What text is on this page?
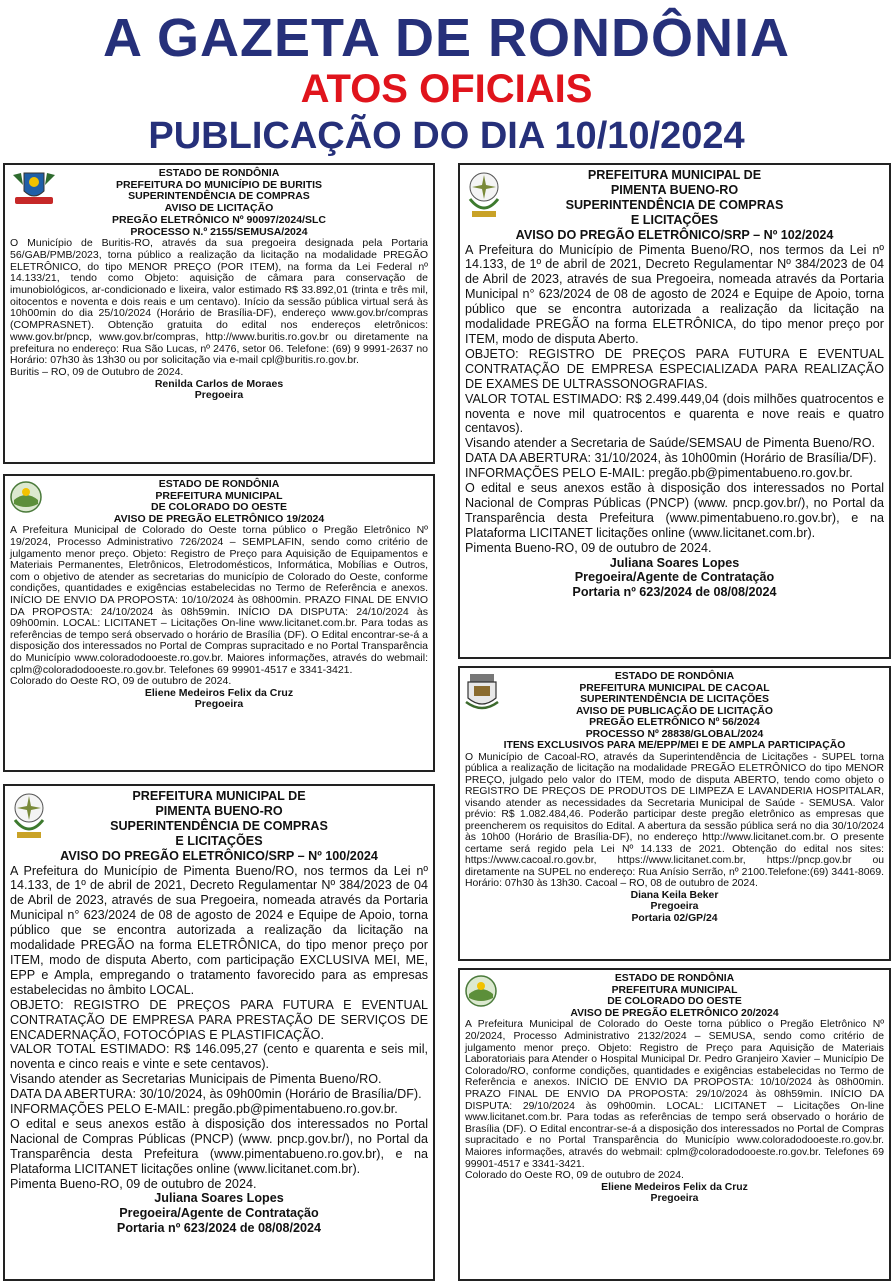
A GAZETA DE RONDÔNIA
ATOS OFICIAIS
PUBLICAÇÃO DO DIA 10/10/2024
ESTADO DE RONDÔNIA
PREFEITURA DO MUNICÍPIO DE BURITIS
SUPERINTENDÊNCIA DE COMPRAS
AVISO DE LICITAÇÃO
PREGÃO ELETRÔNICO Nº 90097/2024/SLC
PROCESSO N.º 2155/SEMUSA/2024

O Município de Buritis-RO, através da sua pregoeira designada pela Portaria 56/GAB/PMB/2023, torna público a realização da licitação na modalidade PREGÃO ELETRÔNICO, do tipo MENOR PREÇO (POR ITEM), na forma da Lei Federal nº 14.133/21, tendo como Objeto: aquisição de câmara para conservação de imunobiológicos, ar-condicionado e lixeira, valor estimado R$ 33.892,01 (trinta e três mil, oitocentos e noventa e dois reais e um centavo). Início da sessão pública virtual será às 10h00min do dia 25/10/2024 (Horário de Brasília-DF), endereço www.gov.br/compras (COMPRASNET). Obtenção gratuita do edital nos endereços eletrônicos: www.gov.br/pncp, www.gov.br/compras, http://www.buritis.ro.gov.br ou diretamente na prefeitura no endereço: Rua São Lucas, nº 2476, setor 06. Telefone: (69) 9 9991-2637 no Horário: 07h30 às 13h30 ou por solicitação via e-mail cpl@buritis.ro.gov.br.

Buritis – RO, 09 de Outubro de 2024.

Renilda Carlos de Moraes
Pregoeira
ESTADO DE RONDÔNIA
PREFEITURA MUNICIPAL
DE COLORADO DO OESTE
AVISO DE PREGÃO ELETRÔNICO 19/2024

A Prefeitura Municipal de Colorado do Oeste torna público o Pregão Eletrônico Nº 19/2024, Processo Administrativo 726/2024 – SEMPLAFIN, sendo como critério de julgamento menor preço. Objeto: Registro de Preço para Aquisição de Equipamentos e Materiais Permanentes, Eletrônicos, Eletrodomésticos, Informática, Mobílias e Outros, com o objetivo de atender as secretarias do município de Colorado do Oeste, conforme condições, quantidades e exigências estabelecidas no Termo de Referência e anexos. INÍCIO DE ENVIO DA PROPOSTA: 10/10/2024 às 08h00min. PRAZO FINAL DE ENVIO DA PROPOSTA: 24/10/2024 às 08h59min. INÍCIO DA DISPUTA: 24/10/2024 às 09h00min. LOCAL: LICITANET – Licitações On-line www.licitanet.com.br. Para todas as referências de tempo será observado o horário de Brasília (DF). O Edital encontrar-se-á a disposição dos interessados no Portal de Compras supracitado e no Portal Transparência do Município www.coloradodooeste.ro.gov.br. Maiores informações, através do webmail: cplm@coloradodooeste.ro.gov.br. Telefones 69 99901-4517 e 3341-3421.

Colorado do Oeste RO, 09 de outubro de 2024.

Eliene Medeiros Felix da Cruz
Pregoeira
PREFEITURA MUNICIPAL DE
PIMENTA BUENO-RO
SUPERINTENDÊNCIA DE COMPRAS
E LICITAÇÕES
AVISO DO PREGÃO ELETRÔNICO/SRP – Nº 100/2024

A Prefeitura do Município de Pimenta Bueno/RO, nos termos da Lei nº 14.133, de 1º de abril de 2021, Decreto Regulamentar Nº 384/2023 de 04 de Abril de 2023, através de sua Pregoeira, nomeada através da Portaria Municipal n° 623/2024 de 08 de agosto de 2024 e Equipe de Apoio, torna público que se encontra autorizada a realização da licitação na modalidade PREGÃO na forma ELETRÔNICA, do tipo menor preço por ITEM, modo de disputa Aberto, com participação EXCLUSIVA MEI, ME, EPP e Ampla, empregando o tratamento favorecido para as empresas estabelecidas no âmbito LOCAL.

OBJETO: REGISTRO DE PREÇOS PARA FUTURA E EVENTUAL CONTRATAÇÃO DE EMPRESA PARA PRESTAÇÃO DE SERVIÇOS DE ENCADERNAÇÃO, FOTOCÓPIAS E PLASTIFICAÇÃO.

VALOR TOTAL ESTIMADO: R$ 146.095,27 (cento e quarenta e seis mil, noventa e cinco reais e vinte e sete centavos).

Visando atender as Secretarias Municipais de Pimenta Bueno/RO.

DATA DA ABERTURA: 30/10/2024, às 09h00min (Horário de Brasília/DF).

INFORMAÇÕES PELO E-MAIL: pregão.pb@pimentabueno.ro.gov.br.

O edital e seus anexos estão à disposição dos interessados no Portal Nacional de Compras Públicas (PNCP) (www. pncp.gov.br/), no Portal da Transparência desta Prefeitura (www.pimentabueno.ro.gov.br), e na Plataforma LICITANET licitações online (www.licitanet.com.br).

Pimenta Bueno-RO, 09 de outubro de 2024.

Juliana Soares Lopes
Pregoeira/Agente de Contratação
Portaria nº 623/2024 de 08/08/2024
PREFEITURA MUNICIPAL DE
PIMENTA BUENO-RO
SUPERINTENDÊNCIA DE COMPRAS
E LICITAÇÕES
AVISO DO PREGÃO ELETRÔNICO/SRP – Nº 102/2024

A Prefeitura do Município de Pimenta Bueno/RO, nos termos da Lei nº 14.133, de 1º de abril de 2021, Decreto Regulamentar Nº 384/2023 de 04 de Abril de 2023, através de sua Pregoeira, nomeada através da Portaria Municipal n° 623/2024 de 08 de agosto de 2024 e Equipe de Apoio, torna público que se encontra autorizada a realização da licitação na modalidade PREGÃO na forma ELETRÔNICA, do tipo menor preço por ITEM, modo de disputa Aberto.

OBJETO: REGISTRO DE PREÇOS PARA FUTURA E EVENTUAL CONTRATAÇÃO DE EMPRESA ESPECIALIZADA PARA REALIZAÇÃO DE EXAMES DE ULTRASSONOGRAFIAS.

VALOR TOTAL ESTIMADO: R$ 2.499.449,04 (dois milhões quatrocentos e noventa e nove mil quatrocentos e quarenta e nove reais e quatro centavos).

Visando atender a Secretaria de Saúde/SEMSAU de Pimenta Bueno/RO.

DATA DA ABERTURA: 31/10/2024, às 10h00min (Horário de Brasília/DF).

INFORMAÇÕES PELO E-MAIL: pregão.pb@pimentabueno.ro.gov.br.

O edital e seus anexos estão à disposição dos interessados no Portal Nacional de Compras Públicas (PNCP) (www. pncp.gov.br/), no Portal da Transparência desta Prefeitura (www.pimentabueno.ro.gov.br), e na Plataforma LICITANET licitações online (www.licitanet.com.br).

Pimenta Bueno-RO, 09 de outubro de 2024.

Juliana Soares Lopes
Pregoeira/Agente de Contratação
Portaria nº 623/2024 de 08/08/2024
ESTADO DE RONDÔNIA
PREFEITURA MUNICIPAL DE CACOAL
SUPERINTENDÊNCIA DE LICITAÇÕES
AVISO DE PUBLICAÇÃO DE LICITAÇÃO
PREGÃO ELETRÔNICO Nº 56/2024
PROCESSO Nº 28838/GLOBAL/2024
ITENS EXCLUSIVOS PARA ME/EPP/MEI E DE AMPLA PARTICIPAÇÃO

O Município de Cacoal-RO, através da Superintendência de Licitações - SUPEL torna pública a realização de licitação na modalidade PREGÃO ELETRÔNICO do tipo MENOR PREÇO, julgado pelo valor do ITEM, modo de disputa ABERTO, tendo como objeto o REGISTRO DE PREÇOS DE PRODUTOS DE LIMPEZA E LAVANDERIA HOSPITALAR, visando atender as necessidades da Secretaria Municipal de Saúde - SEMUSA. Valor prévio: R$ 1.082.484,46. Poderão participar deste pregão eletrônico as empresas que preencherem os requisitos do Edital. A abertura da sessão pública será no dia 30/10/2024 às 10h00 (Horário de Brasília-DF), no endereço http://www.licitanet.com.br. O presente certame será regido pela Lei Nº 14.133 de 2021. Obtenção do edital nos sites: https://www.cacoal.ro.gov.br, https://www.licitanet.com.br, https://pncp.gov.br ou diretamente na SUPEL no endereço: Rua Anísio Serrão, nº 2100.Telefone:(69) 3441-8069. Horário: 07h30 às 13h30. Cacoal – RO, 08 de outubro de 2024.

Diana Keila Beker
Pregoeira
Portaria 02/GP/24
ESTADO DE RONDÔNIA
PREFEITURA MUNICIPAL
DE COLORADO DO OESTE
AVISO DE PREGÃO ELETRÔNICO 20/2024

A Prefeitura Municipal de Colorado do Oeste torna público o Pregão Eletrônico Nº 20/2024, Processo Administrativo 2132/2024 – SEMUSA, sendo como critério de julgamento menor preço. Objeto: Registro de Preço para Aquisição de Materiais Laboratoriais para Atender o Hospital Municipal Dr. Pedro Granjeiro Xavier – Município De Colorado/RO, conforme condições, quantidades e exigências estabelecidas no Termo de Referência e anexos. INÍCIO DE ENVIO DA PROPOSTA: 10/10/2024 às 08h00min. PRAZO FINAL DE ENVIO DA PROPOSTA: 29/10/2024 às 08h59min. INÍCIO DA DISPUTA: 29/10/2024 às 09h00min. LOCAL: LICITANET – Licitações On-line www.licitanet.com.br. Para todas as referências de tempo será observado o horário de Brasília (DF). O Edital encontrar-se-á a disposição dos interessados no Portal de Compras supracitado e no Portal Transparência do Município www.coloradodooeste.ro.gov.br. Maiores informações, através do webmail: cplm@coloradodooeste.ro.gov.br. Telefones 69 99901-4517 e 3341-3421.

Colorado do Oeste RO, 09 de outubro de 2024.

Eliene Medeiros Felix da Cruz
Pregoeira
